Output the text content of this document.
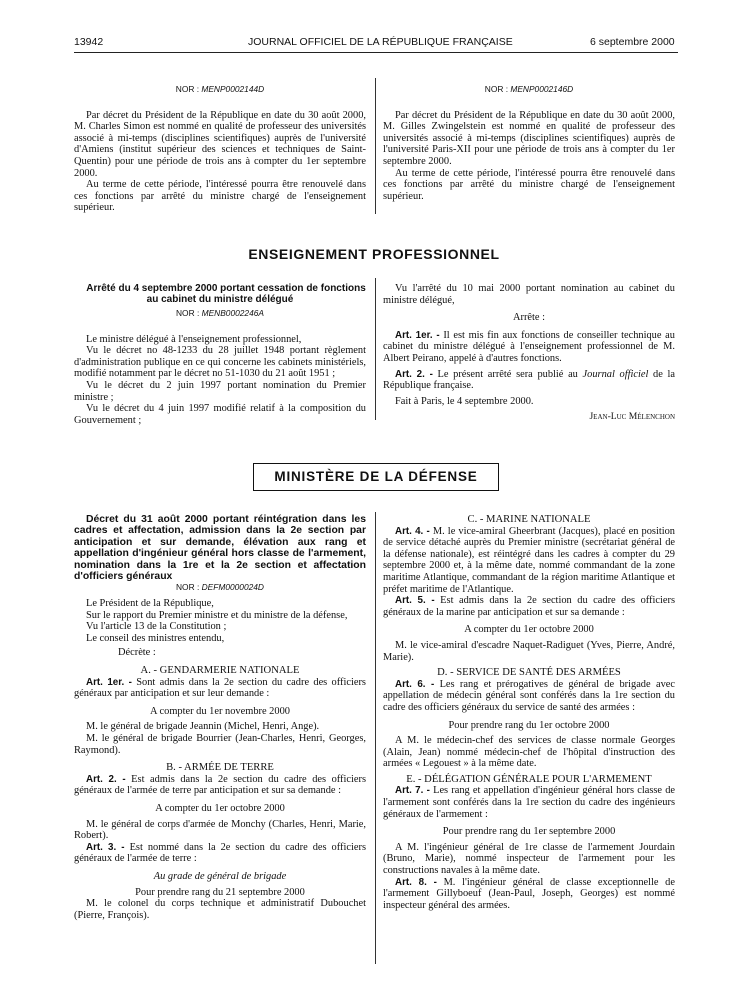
13942	JOURNAL OFFICIEL DE LA RÉPUBLIQUE FRANÇAISE	6 septembre 2000

NOR : MENP0002144D

Par décret du Président de la République en date du 30 août 2000, M. Charles Simon est nommé en qualité de professeur des universités associé à mi-temps (disciplines scientifiques) auprès de l'université d'Amiens (institut supérieur des sciences et techniques de Saint-Quentin) pour une période de trois ans à compter du 1er septembre 2000.

Au terme de cette période, l'intéressé pourra être renouvelé dans ces fonctions par arrêté du ministre chargé de l'enseignement supérieur.

NOR : MENP0002146D

Par décret du Président de la République en date du 30 août 2000, M. Gilles Zwingelstein est nommé en qualité de professeur des universités associé à mi-temps (disciplines scientifiques) auprès de l'université Paris-XII pour une période de trois ans à compter du 1er septembre 2000.

Au terme de cette période, l'intéressé pourra être renouvelé dans ces fonctions par arrêté du ministre chargé de l'enseignement supérieur.

ENSEIGNEMENT PROFESSIONNEL

Arrêté du 4 septembre 2000 portant cessation de fonctions au cabinet du ministre délégué

NOR : MENB0002246A

Le ministre délégué à l'enseignement professionnel,

Vu le décret no 48-1233 du 28 juillet 1948 portant règlement d'administration publique en ce qui concerne les cabinets ministériels, modifié notamment par le décret no 51-1030 du 21 août 1951 ;

Vu le décret du 2 juin 1997 portant nomination du Premier ministre ;

Vu le décret du 4 juin 1997 modifié relatif à la composition du Gouvernement ;

Vu l'arrêté du 10 mai 2000 portant nomination au cabinet du ministre délégué,

Arrête :

Art. 1er. - Il est mis fin aux fonctions de conseiller technique au cabinet du ministre délégué à l'enseignement professionnel de M. Albert Peirano, appelé à d'autres fonctions.

Art. 2. - Le présent arrêté sera publié au Journal officiel de la République française.

Fait à Paris, le 4 septembre 2000.

Jean-Luc Mélenchon

MINISTÈRE DE LA DÉFENSE

Décret du 31 août 2000 portant réintégration dans les cadres et affectation, admission dans la 2e section par anticipation et sur demande, élévation aux rang et appellation d'ingénieur général hors classe de l'armement, nomination dans la 1re et la 2e section et affectation d'officiers généraux

NOR : DEFM0000024D

Le Président de la République,

Sur le rapport du Premier ministre et du ministre de la défense,

Vu l'article 13 de la Constitution ;

Le conseil des ministres entendu,

Décrète :

A. - GENDARMERIE NATIONALE

Art. 1er. - Sont admis dans la 2e section du cadre des officiers généraux par anticipation et sur leur demande :

A compter du 1er novembre 2000

M. le général de brigade Jeannin (Michel, Henri, Ange).

M. le général de brigade Bourrier (Jean-Charles, Henri, Georges, Raymond).

B. - ARMÉE DE TERRE

Art. 2. - Est admis dans la 2e section du cadre des officiers généraux de l'armée de terre par anticipation et sur sa demande :

A compter du 1er octobre 2000

M. le général de corps d'armée de Monchy (Charles, Henri, Marie, Robert).

Art. 3. - Est nommé dans la 2e section du cadre des officiers généraux de l'armée de terre :

Au grade de général de brigade

Pour prendre rang du 21 septembre 2000

M. le colonel du corps technique et administratif Dubouchet (Pierre, François).

C. - MARINE NATIONALE

Art. 4. - M. le vice-amiral Gheerbrant (Jacques), placé en position de service détaché auprès du Premier ministre (secrétariat général de la défense nationale), est réintégré dans les cadres à compter du 29 septembre 2000 et, à la même date, nommé commandant de la zone maritime Atlantique, commandant de la région maritime Atlantique et préfet maritime de l'Atlantique.

Art. 5. - Est admis dans la 2e section du cadre des officiers généraux de la marine par anticipation et sur sa demande :

A compter du 1er octobre 2000

M. le vice-amiral d'escadre Naquet-Radiguet (Yves, Pierre, André, Marie).

D. - SERVICE DE SANTÉ DES ARMÉES

Art. 6. - Les rang et prérogatives de général de brigade avec appellation de médecin général sont conférés dans la 1re section du cadre des officiers généraux du service de santé des armées :

Pour prendre rang du 1er octobre 2000

A M. le médecin-chef des services de classe normale Georges (Alain, Jean) nommé médecin-chef de l'hôpital d'instruction des armées « Legouest » à la même date.

E. - DÉLÉGATION GÉNÉRALE POUR L'ARMEMENT

Art. 7. - Les rang et appellation d'ingénieur général hors classe de l'armement sont conférés dans la 1re section du cadre des ingénieurs généraux de l'armement :

Pour prendre rang du 1er septembre 2000

A M. l'ingénieur général de 1re classe de l'armement Jourdain (Bruno, Marie), nommé inspecteur de l'armement pour les constructions navales à la même date.

Art. 8. - M. l'ingénieur général de classe exceptionnelle de l'armement Gillyboeuf (Jean-Paul, Joseph, Georges) est nommé inspecteur général des armées.
